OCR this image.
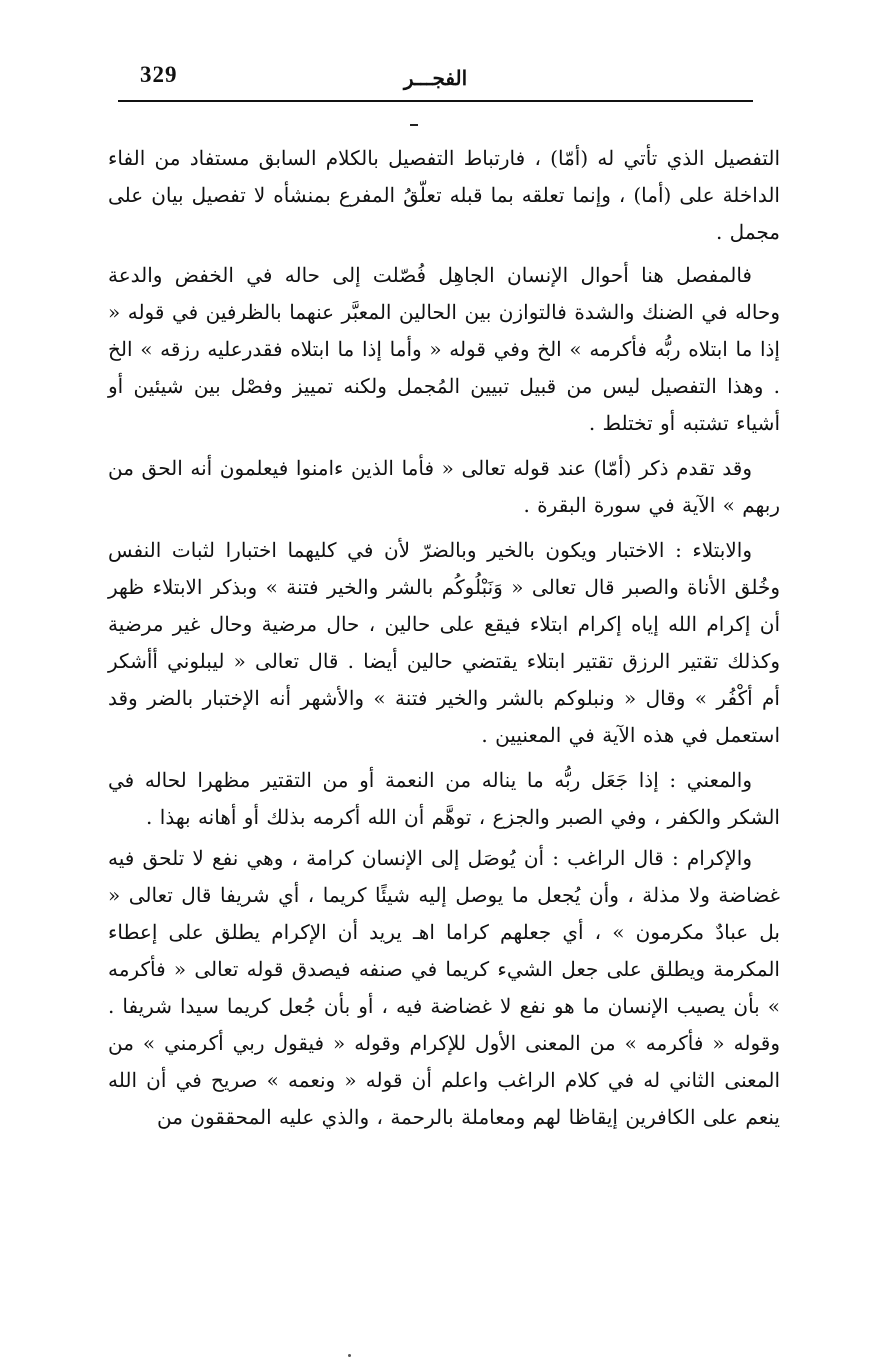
329	الفجـــر

التفصيل الذي تأتي له (أمّا) ، فارتباط التفصيل بالكلام السابق مستفاد من الفاء الداخلة على (أما) ، وإنما تعلقه بما قبله تعلّقُ المفرع بمنشأه لا تفصيل بيان على مجمل .

فالمفصل هنا أحوال الإنسان الجاهِل فُصّلت إلى حاله في الخفض والدعة وحاله في الضنك والشدة فالتوازن بين الحالين المعبَّر عنهما بالظرفين في قوله « إذا ما ابتلاه ربُّه فأكرمه » الخ وفي قوله « وأما إذا ما ابتلاه فقدرعليه رزقه » الخ . وهذا التفصيل ليس من قبيل تبيين المُجمل ولكنه تمييز وفصْل بين شيئين أو أشياء تشتبه أو تختلط .

وقد تقدم ذكر (أمّا) عند قوله تعالى « فأما الذين ءامنوا فيعلمون أنه الحق من ربهم » الآية في سورة البقرة .

والابتلاء : الاختبار ويكون بالخير وبالضرّ لأن في كليهما اختبارا لثبات النفس وخُلق الأناة والصبر قال تعالى « وَنَبْلُوكُم بالشر والخير فتنة » وبذكر الابتلاء ظهر أن إكرام الله إياه إكرام ابتلاء فيقع على حالين ، حال مرضية وحال غير مرضية وكذلك تقتير الرزق تقتير ابتلاء يقتضي حالين أيضا . قال تعالى « ليبلوني أأشكر أم أكْفُر » وقال « ونبلوكم بالشر والخير فتنة » والأشهر أنه الإختبار بالضر وقد استعمل في هذه الآية في المعنيين .

والمعني : إذا جَعَل ربُّه ما يناله من النعمة أو من التقتير مظهرا لحاله في الشكر والكفر ، وفي الصبر والجزع ، توهَّم أن الله أكرمه بذلك أو أهانه بهذا .

والإكرام : قال الراغب : أن يُوصَل إلى الإنسان كرامة ، وهي نفع لا تلحق فيه غضاضة ولا مذلة ، وأن يُجعل ما يوصل إليه شيئًا كريما ، أي شريفا قال تعالى « بل عبادٌ مكرمون » ، أي جعلهم كراما اهـ يريد أن الإكرام يطلق على إعطاء المكرمة ويطلق على جعل الشيء كريما في صنفه فيصدق قوله تعالى « فأكرمه » بأن يصيب الإنسان ما هو نفع لا غضاضة فيه ، أو بأن جُعل كريما سيدا شريفا . وقوله « فأكرمه » من المعنى الأول للإكرام وقوله « فيقول ربي أكرمني » من المعنى الثاني له في كلام الراغب واعلم أن قوله « ونعمه » صريح في أن الله ينعم على الكافرين إيقاظا لهم ومعاملة بالرحمة ، والذي عليه المحققون من
